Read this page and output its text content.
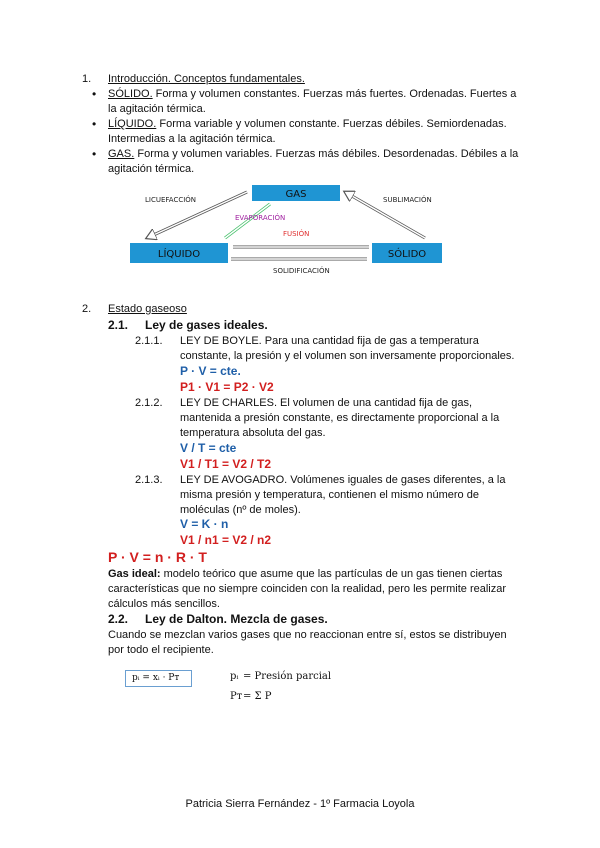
1. Introducción. Conceptos fundamentales.
• SÓLIDO. Forma y volumen constantes. Fuerzas más fuertes. Ordenadas. Fuertes a
la agitación térmica.
• LÍQUIDO. Forma variable y volumen constante. Fuerzas débiles. Semiordenadas.
Intermedias a la agitación térmica.
• GAS. Forma y volumen variables. Fuerzas más débiles. Desordenadas. Débiles a la
agitación térmica.
GAS
LÍQUIDO	SÓLIDO
LICUEFACCIÓN	SUBLIMACIÓN
EVAPORACIÓN
FUSIÓN
SOLIDIFICACIÓN
2. Estado gaseoso
2.1. Ley de gases ideales.
2.1.1. LEY DE BOYLE. Para una cantidad fija de gas a temperatura
constante, la presión y el volumen son inversamente proporcionales.
P · V = cte.
P1 · V1 = P2 · V2
2.1.2. LEY DE CHARLES. El volumen de una cantidad fija de gas,
mantenida a presión constante, es directamente proporcional a la
temperatura absoluta del gas.
V / T = cte
V1 / T1 = V2 / T2
2.1.3. LEY DE AVOGADRO. Volúmenes iguales de gases diferentes, a la
misma presión y temperatura, contienen el mismo número de
moléculas (nº de moles).
V = K · n
V1 / n1 = V2 / n2
P · V = n · R · T
Gas ideal: modelo teórico que asume que las partículas de un gas tienen ciertas
características que no siempre coinciden con la realidad, pero les permite realizar
cálculos más sencillos.
2.2. Ley de Dalton. Mezcla de gases.
Cuando se mezclan varios gases que no reaccionan entre sí, estos se distribuyen
por todo el recipiente.
pᵢ = xᵢ · Pᴛ	pᵢ = Presión parcial
Pᴛ = Σ P
Patricia Sierra Fernández - 1º Farmacia Loyola
